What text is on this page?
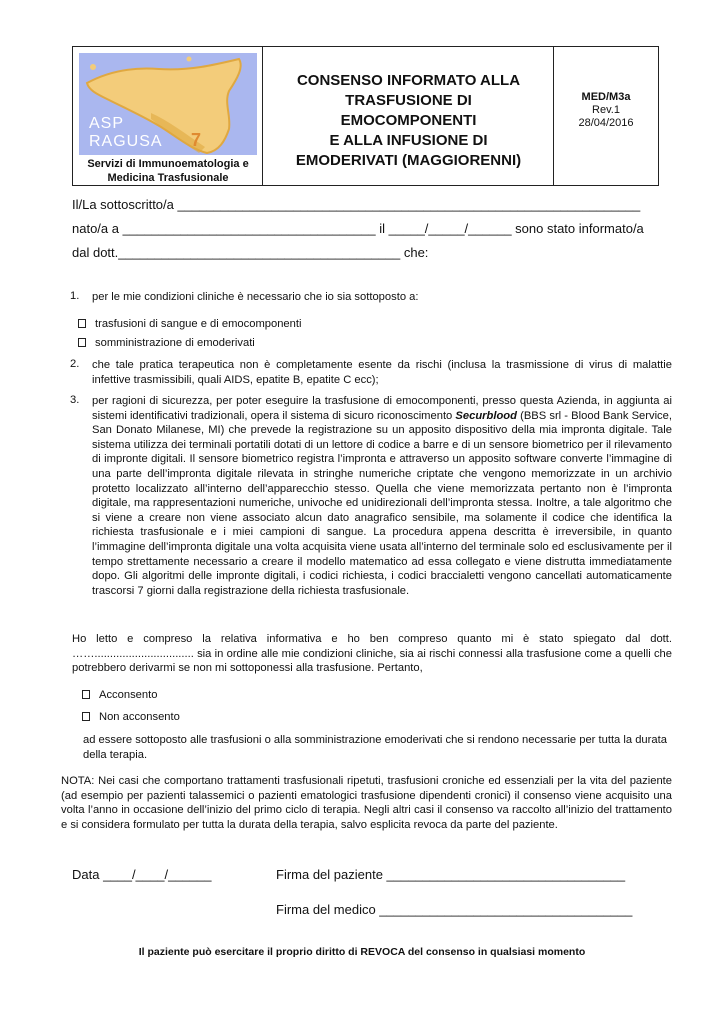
ASP
RAGUSA 7
Servizi di Immunoematologia e
Medicina Trasfusionale
CONSENSO INFORMATO ALLA
TRASFUSIONE DI
EMOCOMPONENTI
E ALLA INFUSIONE DI
EMODERIVATI (MAGGIORENNI)
MED/M3a
Rev.1
28/04/2016
Il/La sottoscritto/a ________________________________________________________________
nato/a a ___________________________________ il _____/_____/______ sono stato informato/a
dal dott._______________________________________ che:
1. per le mie condizioni cliniche è necessario che io sia sottoposto a:
trasfusioni di sangue e di emocomponenti
somministrazione di emoderivati
2. che tale pratica terapeutica non è completamente esente da rischi (inclusa la trasmissione di virus di malattie infettive trasmissibili, quali AIDS, epatite B, epatite C ecc);
3. per ragioni di sicurezza, per poter eseguire la trasfusione di emocomponenti, presso questa Azienda, in aggiunta ai sistemi identificativi tradizionali, opera il sistema di sicuro riconoscimento Securblood (BBS srl - Blood Bank Service, San Donato Milanese, MI) che prevede la registrazione su un apposito dispositivo della mia impronta digitale. Tale sistema utilizza dei terminali portatili dotati di un lettore di codice a barre e di un sensore biometrico per il rilevamento di impronte digitali. Il sensore biometrico registra l’impronta e attraverso un apposito software converte l’immagine di una parte dell’impronta digitale rilevata in stringhe numeriche criptate che vengono memorizzate in un archivio protetto localizzato all’interno dell’apparecchio stesso. Quella che viene memorizzata pertanto non è l’impronta digitale, ma rappresentazioni numeriche, univoche ed unidirezionali dell’impronta stessa. Inoltre, a tale algoritmo che si viene a creare non viene associato alcun dato anagrafico sensibile, ma solamente il codice che identifica la richiesta trasfusionale e i miei campioni di sangue. La procedura appena descritta è irreversibile, in quanto l’immagine dell’impronta digitale una volta acquisita viene usata all’interno del terminale solo ed esclusivamente per il tempo strettamente necessario a creare il modello matematico ad essa collegato e viene distrutta immediatamente dopo. Gli algoritmi delle impronte digitali, i codici richiesta, i codici braccialetti vengono cancellati automaticamente trascorsi 7 giorni dalla registrazione della richiesta trasfusionale.
Ho letto e compreso la relativa informativa e ho ben compreso quanto mi è stato spiegato dal dott. ……................................ sia in ordine alle mie condizioni cliniche, sia ai rischi connessi alla trasfusione come a quelli che potrebbero derivarmi se non mi sottoponessi alla trasfusione. Pertanto,
Acconsento
Non acconsento
ad essere sottoposto alle trasfusioni o alla somministrazione emoderivati che si rendono necessarie per tutta la durata della terapia.
NOTA: Nei casi che comportano trattamenti trasfusionali ripetuti, trasfusioni croniche ed essenziali per la vita del paziente (ad esempio per pazienti talassemici o pazienti ematologici trasfusione dipendenti cronici) il consenso viene acquisito una volta l’anno in occasione dell’inizio del primo ciclo di terapia. Negli altri casi il consenso va raccolto all’inizio del trattamento e si considera formulato per tutta la durata della terapia, salvo esplicita revoca da parte del paziente.
Data ____/____/______	Firma del paziente _________________________________
Firma del medico ___________________________________
Il paziente può esercitare il proprio diritto di REVOCA del consenso in qualsiasi momento
